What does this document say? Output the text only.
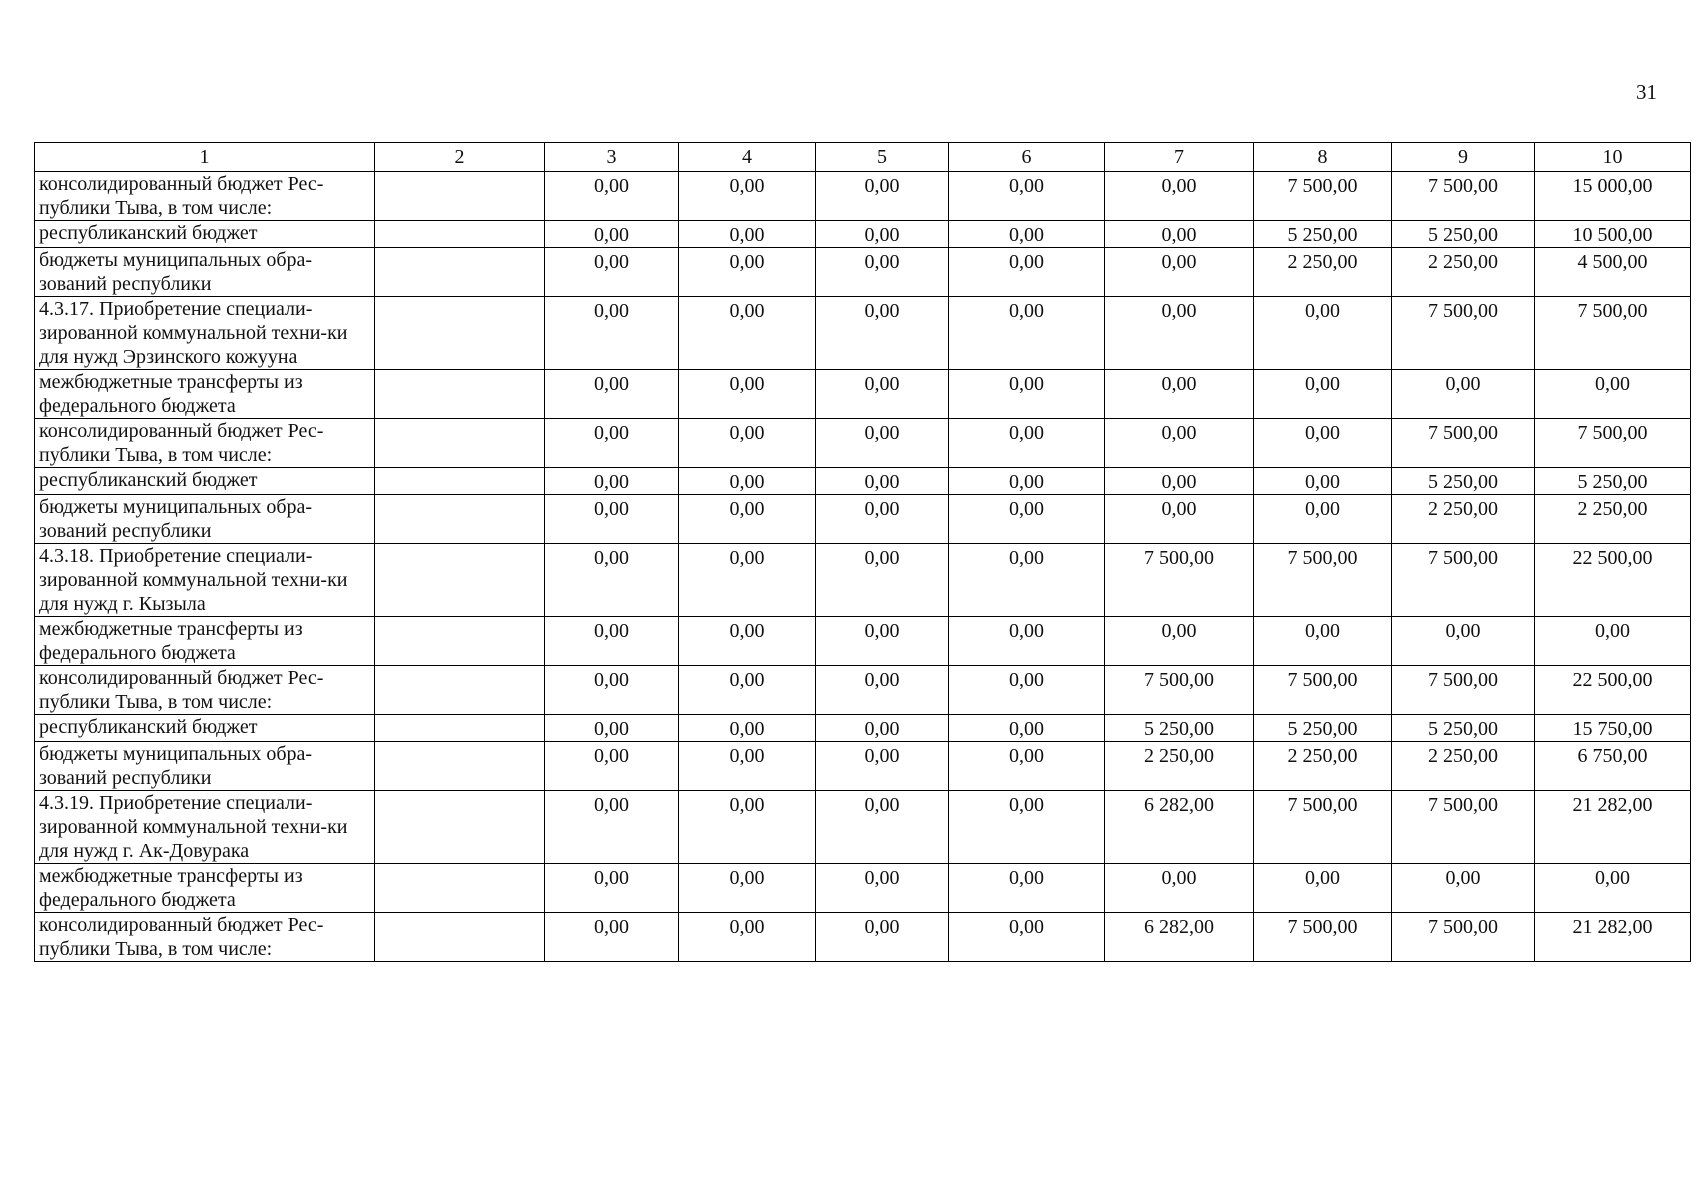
31
1	2	3	4	5	6	7	8	9	10
консолидированный бюджет Рес-публики Тыва, в том числе:		0,00	0,00	0,00	0,00	0,00	7 500,00	7 500,00	15 000,00
республиканский бюджет		0,00	0,00	0,00	0,00	0,00	5 250,00	5 250,00	10 500,00
бюджеты муниципальных обра-зований республики		0,00	0,00	0,00	0,00	0,00	2 250,00	2 250,00	4 500,00
4.3.17. Приобретение специали-зированной коммунальной техни-ки для нужд Эрзинского кожууна		0,00	0,00	0,00	0,00	0,00	0,00	7 500,00	7 500,00
межбюджетные трансферты из федерального бюджета		0,00	0,00	0,00	0,00	0,00	0,00	0,00	0,00
консолидированный бюджет Рес-публики Тыва, в том числе:		0,00	0,00	0,00	0,00	0,00	0,00	7 500,00	7 500,00
республиканский бюджет		0,00	0,00	0,00	0,00	0,00	0,00	5 250,00	5 250,00
бюджеты муниципальных обра-зований республики		0,00	0,00	0,00	0,00	0,00	0,00	2 250,00	2 250,00
4.3.18. Приобретение специали-зированной коммунальной техни-ки для нужд г. Кызыла		0,00	0,00	0,00	0,00	7 500,00	7 500,00	7 500,00	22 500,00
межбюджетные трансферты из федерального бюджета		0,00	0,00	0,00	0,00	0,00	0,00	0,00	0,00
консолидированный бюджет Рес-публики Тыва, в том числе:		0,00	0,00	0,00	0,00	7 500,00	7 500,00	7 500,00	22 500,00
республиканский бюджет		0,00	0,00	0,00	0,00	5 250,00	5 250,00	5 250,00	15 750,00
бюджеты муниципальных обра-зований республики		0,00	0,00	0,00	0,00	2 250,00	2 250,00	2 250,00	6 750,00
4.3.19. Приобретение специали-зированной коммунальной техни-ки для нужд г. Ак-Довурака		0,00	0,00	0,00	0,00	6 282,00	7 500,00	7 500,00	21 282,00
межбюджетные трансферты из федерального бюджета		0,00	0,00	0,00	0,00	0,00	0,00	0,00	0,00
консолидированный бюджет Рес-публики Тыва, в том числе:		0,00	0,00	0,00	0,00	6 282,00	7 500,00	7 500,00	21 282,00
